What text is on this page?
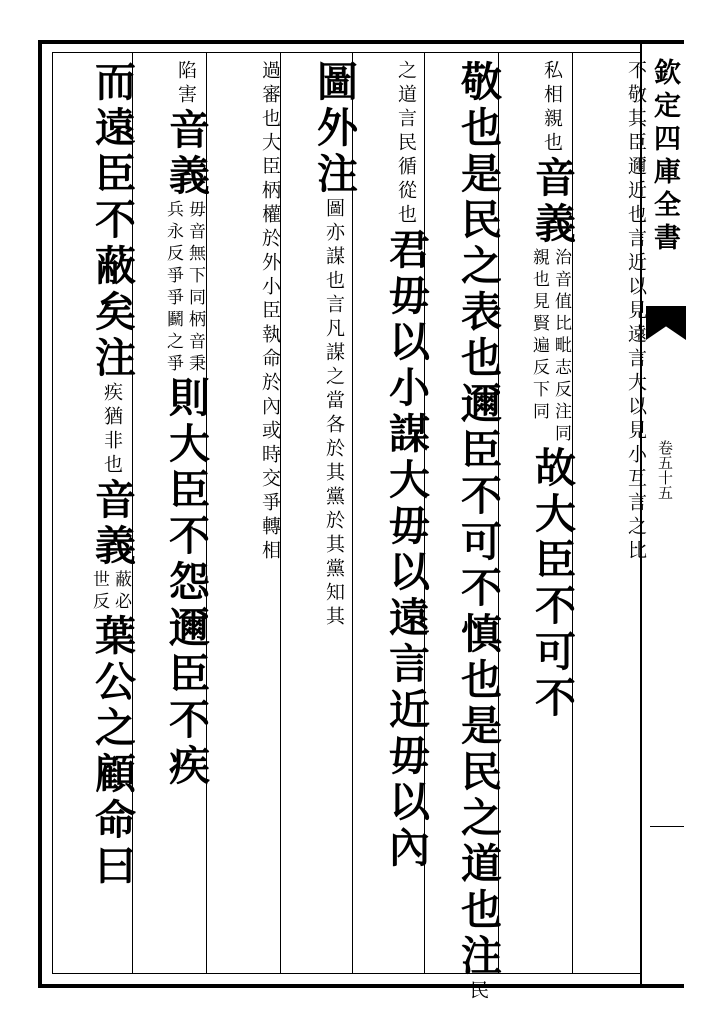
欽定四庫全書
卷五十五
不敬其臣邇近也言近以見遠言大以見小互言之比
私相親也音義治音值比毗志反注同親也見賢遍反下同故大臣不可不
敬也是民之表也邇臣不可不慎也是民之道也注民
之道言民循從也君毋以小謀大毋以遠言近毋以內
圖外注圖亦謀也言凡謀之當各於其黨於其黨知其
過審也大臣柄權於外小臣執命於內或時交爭轉相
陷害音義毋音無下同柄音秉兵永反爭爭鬬之爭則大臣不怨邇臣不疾
而遠臣不蔽矣注疾猶非也音義蔽必世反葉公之顧命曰
